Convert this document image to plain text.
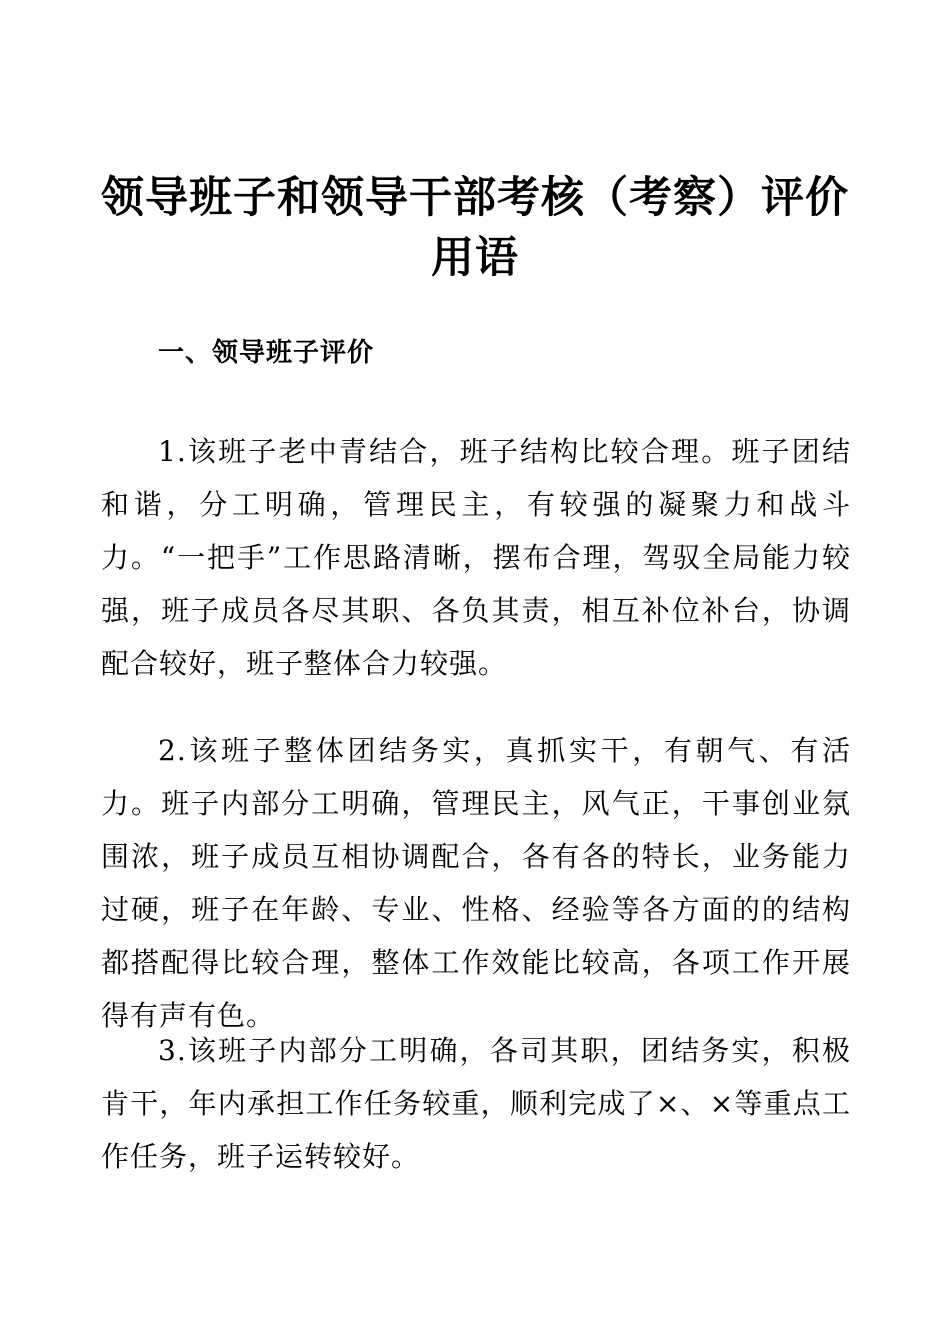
领导班子和领导干部考核（考察）评价用语
一、领导班子评价

1.该班子老中青结合，班子结构比较合理。班子团结和谐，分工明确，管理民主，有较强的凝聚力和战斗力。“一把手”工作思路清晰，摆布合理，驾驭全局能力较强，班子成员各尽其职、各负其责，相互补位补台，协调配合较好，班子整体合力较强。

2.该班子整体团结务实，真抓实干，有朝气、有活力。班子内部分工明确，管理民主，风气正，干事创业氛围浓，班子成员互相协调配合，各有各的特长，业务能力过硬，班子在年龄、专业、性格、经验等各方面的的结构都搭配得比较合理，整体工作效能比较高，各项工作开展得有声有色。

3.该班子内部分工明确，各司其职，团结务实，积极肯干，年内承担工作任务较重，顺利完成了×、×等重点工作任务，班子运转较好。
